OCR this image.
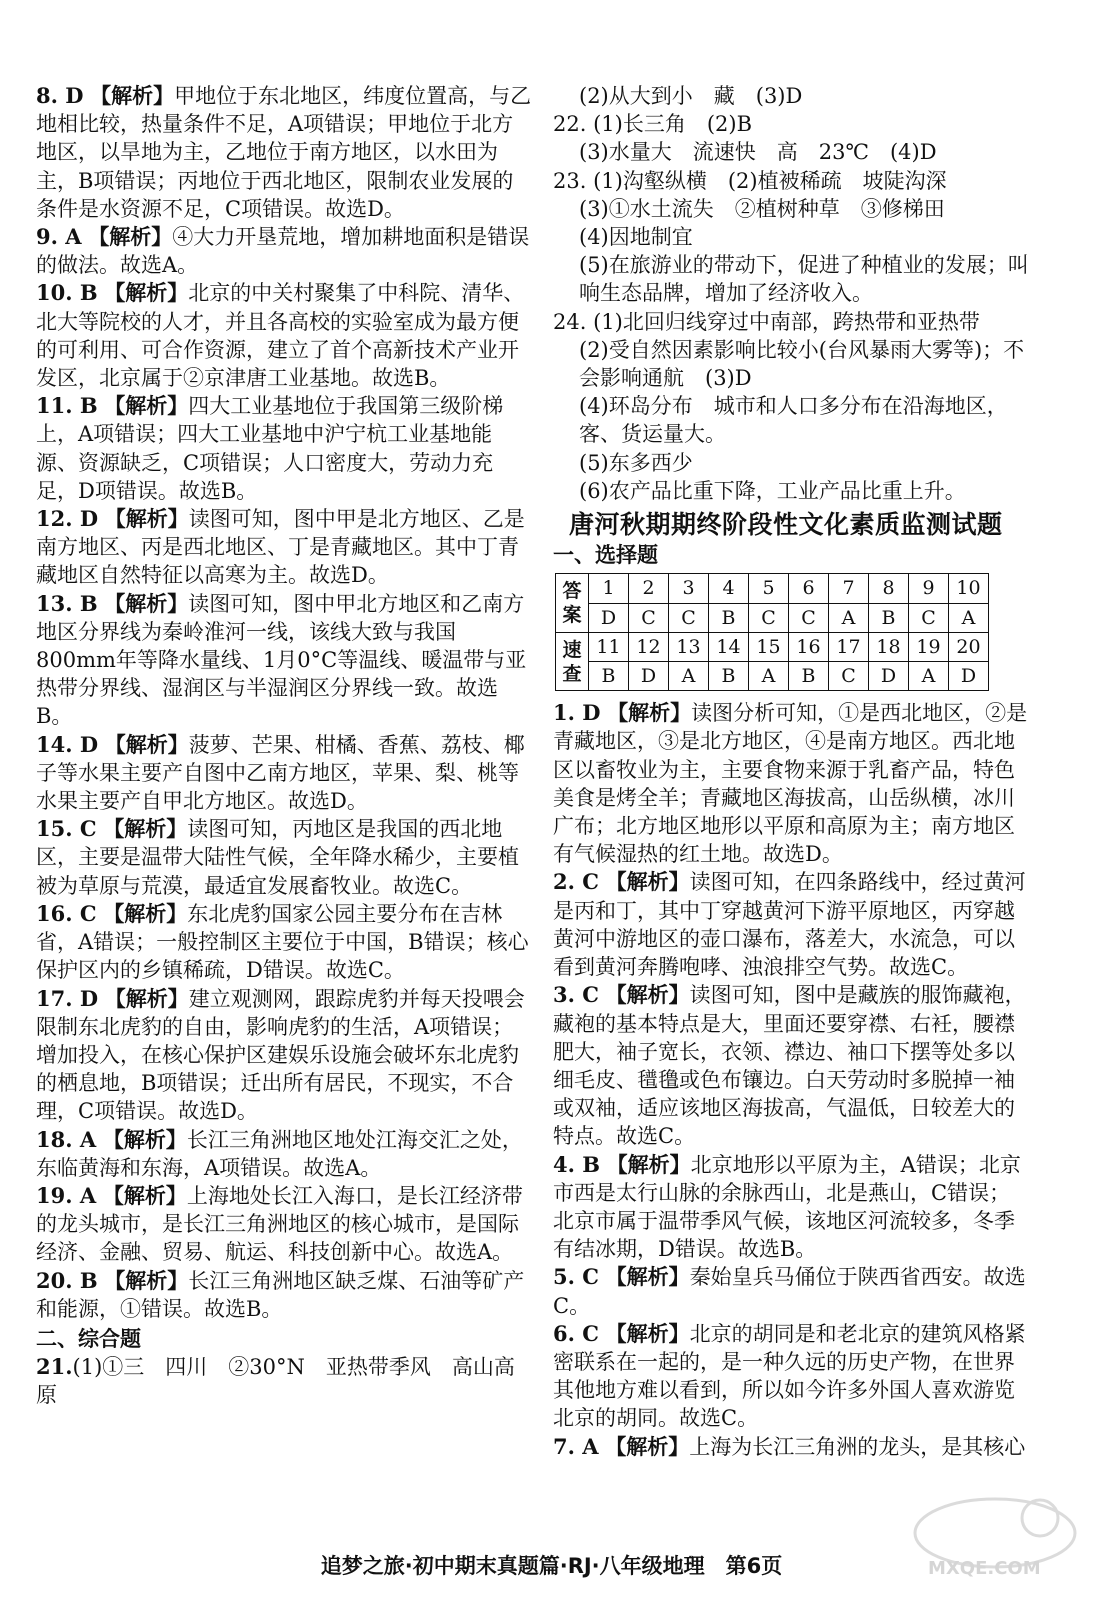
8. D 【解析】甲地位于东北地区，纬度位置高，与乙地相比较，热量条件不足，A项错误；甲地位于北方地区，以旱地为主，乙地位于南方地区，以水田为主，B项错误；丙地位于西北地区，限制农业发展的条件是水资源不足，C项错误。故选D。

9. A 【解析】④大力开垦荒地，增加耕地面积是错误的做法。故选A。

10. B 【解析】北京的中关村聚集了中科院、清华、北大等院校的人才，并且各高校的实验室成为最方便的可利用、可合作资源，建立了首个高新技术产业开发区，北京属于②京津唐工业基地。故选B。

11. B 【解析】四大工业基地位于我国第三级阶梯上，A项错误；四大工业基地中沪宁杭工业基地能源、资源缺乏，C项错误；人口密度大，劳动力充足，D项错误。故选B。

12. D 【解析】读图可知，图中甲是北方地区、乙是南方地区、丙是西北地区、丁是青藏地区。其中丁青藏地区自然特征以高寒为主。故选D。

13. B 【解析】读图可知，图中甲北方地区和乙南方地区分界线为秦岭淮河一线，该线大致与我国800mm年等降水量线、1月0°C等温线、暖温带与亚热带分界线、湿润区与半湿润区分界线一致。故选B。

14. D 【解析】菠萝、芒果、柑橘、香蕉、荔枝、椰子等水果主要产自图中乙南方地区，苹果、梨、桃等水果主要产自甲北方地区。故选D。

15. C 【解析】读图可知，丙地区是我国的西北地区，主要是温带大陆性气候，全年降水稀少，主要植被为草原与荒漠，最适宜发展畜牧业。故选C。

16. C 【解析】东北虎豹国家公园主要分布在吉林省，A错误；一般控制区主要位于中国，B错误；核心保护区内的乡镇稀疏，D错误。故选C。

17. D 【解析】建立观测网，跟踪虎豹并每天投喂会限制东北虎豹的自由，影响虎豹的生活，A项错误；增加投入，在核心保护区建娱乐设施会破坏东北虎豹的栖息地，B项错误；迁出所有居民，不现实，不合理，C项错误。故选D。

18. A 【解析】长江三角洲地区地处江海交汇之处，东临黄海和东海，A项错误。故选A。

19. A 【解析】上海地处长江入海口，是长江经济带的龙头城市，是长江三角洲地区的核心城市，是国际经济、金融、贸易、航运、科技创新中心。故选A。

20. B 【解析】长江三角洲地区缺乏煤、石油等矿产和能源，①错误。故选B。

二、综合题

21.(1)①三　四川　②30°N　亚热带季风　高山高原

(2)从大到小　藏　(3)D

22. (1)长三角　(2)B

(3)水量大　流速快　高　23℃　(4)D

23. (1)沟壑纵横　(2)植被稀疏　坡陡沟深

(3)①水土流失　②植树种草　③修梯田

(4)因地制宜

(5)在旅游业的带动下，促进了种植业的发展；叫响生态品牌，增加了经济收入。

24. (1)北回归线穿过中南部，跨热带和亚热带

(2)受自然因素影响比较小(台风暴雨大雾等)；不会影响通航　(3)D

(4)环岛分布　城市和人口多分布在沿海地区，客、货运量大。

(5)东多西少

(6)农产品比重下降，工业产品比重上升。

唐河秋期期终阶段性文化素质监测试题
一、选择题
答
案	1	2	3	4	5	6	7	8	9	10
	D	C	C	B	C	C	A	B	C	A
速
查	11	12	13	14	15	16	17	18	19	20
	B	D	A	B	A	B	C	D	A	D

1. D 【解析】读图分析可知，①是西北地区，②是青藏地区，③是北方地区，④是南方地区。西北地区以畜牧业为主，主要食物来源于乳畜产品，特色美食是烤全羊；青藏地区海拔高，山岳纵横，冰川广布；北方地区地形以平原和高原为主；南方地区有气候湿热的红土地。故选D。

2. C 【解析】读图可知，在四条路线中，经过黄河是丙和丁，其中丁穿越黄河下游平原地区，丙穿越黄河中游地区的壶口瀑布，落差大，水流急，可以看到黄河奔腾咆哮、浊浪排空气势。故选C。

3. C 【解析】读图可知，图中是藏族的服饰藏袍，藏袍的基本特点是大，里面还要穿襟、右衽，腰襟肥大，袖子宽长，衣领、襟边、袖口下摆等处多以细毛皮、氆氇或色布镶边。白天劳动时多脱掉一袖或双袖，适应该地区海拔高，气温低，日较差大的特点。故选C。

4. B 【解析】北京地形以平原为主，A错误；北京市西是太行山脉的余脉西山，北是燕山，C错误；北京市属于温带季风气候，该地区河流较多，冬季有结冰期，D错误。故选B。

5. C 【解析】秦始皇兵马俑位于陕西省西安。故选C。

6. C 【解析】北京的胡同是和老北京的建筑风格紧密联系在一起的，是一种久远的历史产物，在世界其他地方难以看到，所以如今许多外国人喜欢游览北京的胡同。故选C。

7. A 【解析】上海为长江三角洲的龙头，是其核心

追梦之旅·初中期末真题篇·RJ·八年级地理　第6页	MXQE.COM
